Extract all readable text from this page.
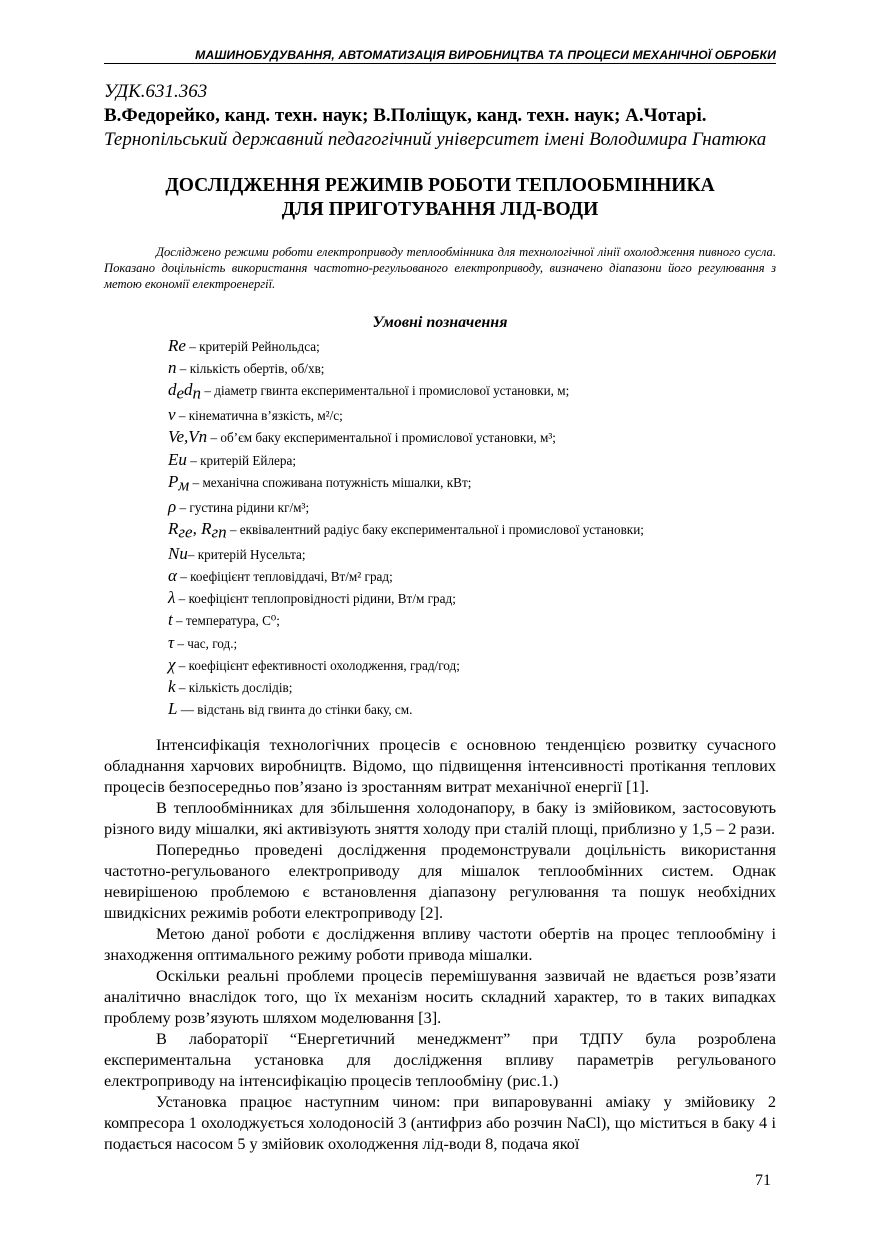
МАШИНОБУДУВАННЯ, АВТОМАТИЗАЦІЯ ВИРОБНИЦТВА ТА ПРОЦЕСИ МЕХАНІЧНОЇ ОБРОБКИ
УДК.631.363
В.Федорейко, канд. техн. наук; В.Поліщук, канд. техн. наук; А.Чотарі.
Тернопільський державний педагогічний університет імені Володимира Гнатюка
ДОСЛІДЖЕННЯ РЕЖИМІВ РОБОТИ ТЕПЛООБМІННИКА
ДЛЯ ПРИГОТУВАННЯ ЛІД-ВОДИ
Досліджено режими роботи електроприводу теплообмінника для технологічної лінії охолодження пивного сусла. Показано доцільність використання частотно-регульованого електроприводу, визначено діапазони його регулювання з метою економії електроенергії.
Умовні позначення
Re – критерій Рейнольдса;
n – кількість обертів, об/хв;
$d_ed_n$ – діаметр гвинта експериментальної і промислової установки, м;
ν – кінематична в’язкість, м²/с;
Ve,Vn – об’єм баку експериментальної і промислової установки, м³;
Eu – критерій Ейлера;
$P_м$ – механічна споживана потужність мішалки, кВт;
ρ – густина рідини кг/м³;
$R_{ге}$, $R_{гп}$ – еквівалентний радіус баку експериментальної і промислової установки;
Nu– критерій Нусельта;
α – коефіцієнт тепловіддачі, Вт/м² град;
λ – коефіцієнт теплопровідності рідини, Вт/м град;
t – температура, С⁰;
τ – час, год.;
χ – коефіцієнт ефективності охолодження, град/год;
k – кількість дослідів;
L — відстань від гвинта до стінки баку, см.

Інтенсифікація технологічних процесів є основною тенденцією розвитку сучасного обладнання харчових виробництв. Відомо, що підвищення інтенсивності протікання теплових процесів безпосередньо пов’язано із зростанням витрат механічної енергії [1].

В теплообмінниках для збільшення холодонапору, в баку із змійовиком, застосовують різного виду мішалки, які активізують зняття холоду при сталій площі, приблизно у 1,5 – 2 рази.

Попередньо проведені дослідження продемонстрували доцільність використання частотно-регульованого електроприводу для мішалок теплообмінних систем. Однак невирішеною проблемою є встановлення діапазону регулювання та пошук необхідних швидкісних режимів роботи електроприводу [2].

Метою даної роботи є дослідження впливу частоти обертів на процес теплообміну і знаходження оптимального режиму роботи привода мішалки.

Оскільки реальні проблеми процесів перемішування зазвичай не вдається розв’язати аналітично внаслідок того, що їх механізм носить складний характер, то в таких випадках проблему розв’язують шляхом моделювання [3].

В лабораторії “Енергетичний менеджмент” при ТДПУ була розроблена експериментальна установка для дослідження впливу параметрів регульованого електроприводу на інтенсифікацію процесів теплообміну (рис.1.)

Установка працює наступним чином: при випаровуванні аміаку у змійовику 2 компресора 1 охолоджується холодоносій 3 (антифриз або розчин NaCl), що міститься в баку 4 і подається насосом 5 у змійовик охолодження лід-води 8, подача якої

71
